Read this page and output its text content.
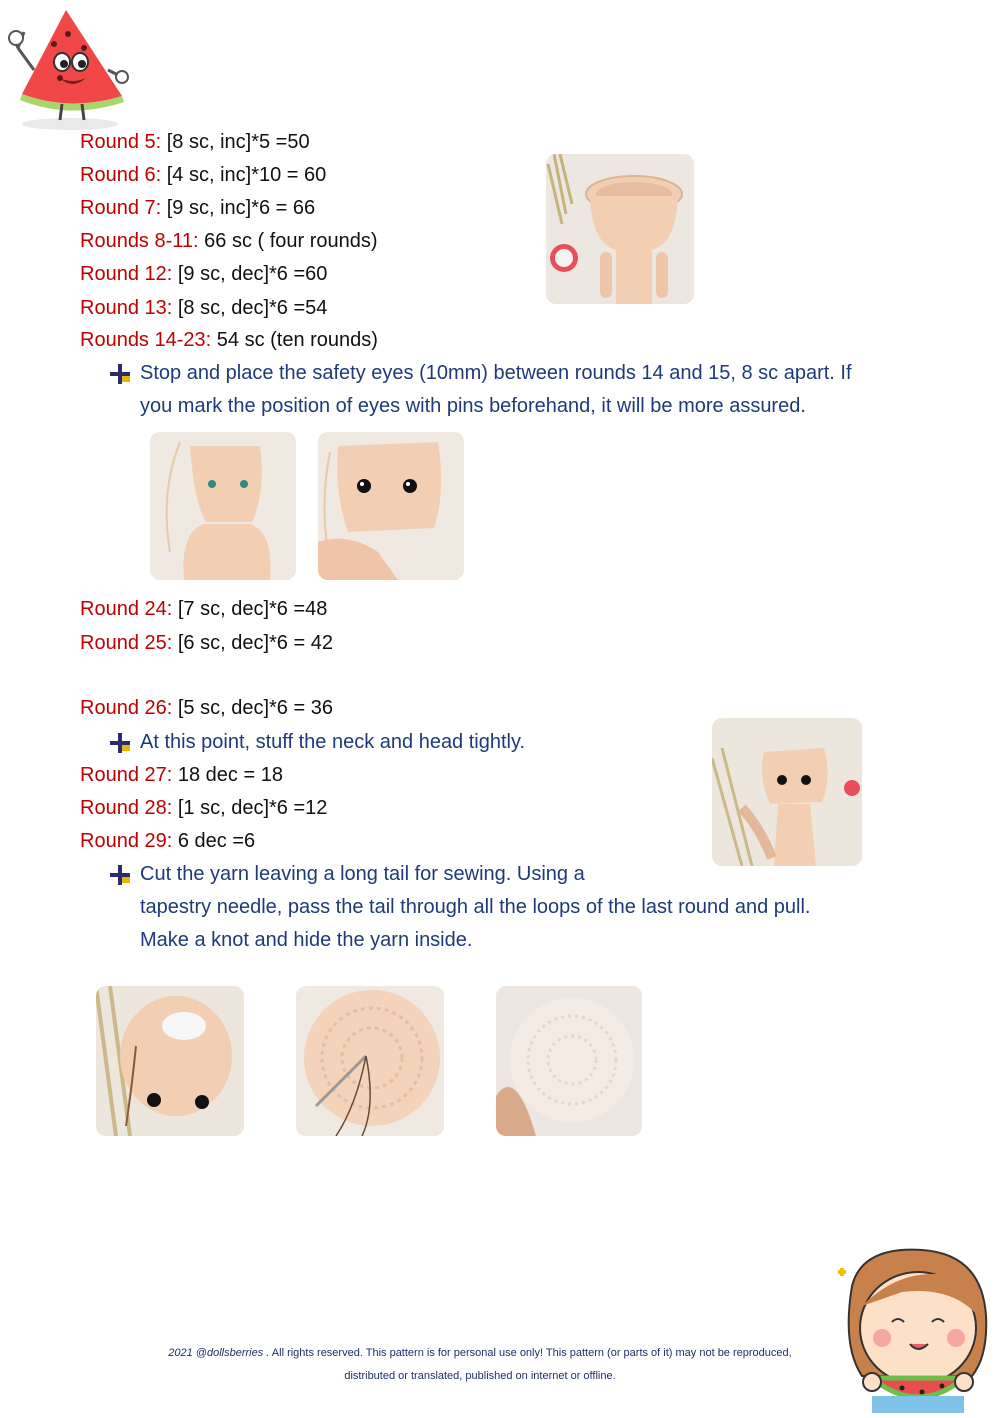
Round 5: [8 sc, inc]*5 =50
Round 6: [4 sc, inc]*10 = 60
Round 7: [9 sc, inc]*6 = 66
Rounds 8-11: 66 sc ( four rounds)
Round 12: [9 sc, dec]*6 =60
Round 13: [8 sc, dec]*6 =54
Rounds 14-23: 54 sc (ten rounds)
Stop and place the safety eyes (10mm) between rounds 14 and 15, 8 sc apart. If
you mark the position of eyes with pins beforehand, it will be more assured.
Round 24: [7 sc, dec]*6 =48
Round 25: [6 sc, dec]*6 = 42
Round 26: [5 sc, dec]*6 = 36
At this point, stuff the neck and head tightly.
Round 27: 18 dec = 18
Round 28: [1 sc, dec]*6 =12
Round 29: 6 dec =6
Cut the yarn leaving a long tail for sewing. Using a
tapestry needle, pass the tail through all the loops of the last round and pull.
Make a knot and hide the yarn inside.
2021 @dollsberries . All rights reserved. This pattern is for personal use only! This pattern (or parts of it) may not be reproduced,
distributed or translated, published on internet or offline.
